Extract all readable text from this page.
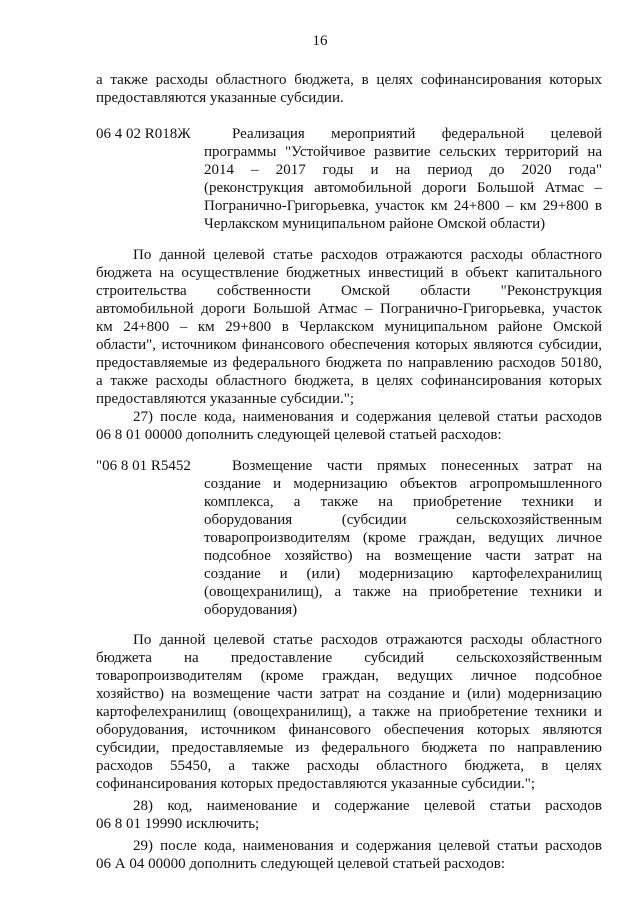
16
а также расходы областного бюджета, в целях софинансирования которых
предоставляются указанные субсидии.
06 4 02 R018Ж	Реализация мероприятий федеральной целевой
программы "Устойчивое развитие сельских территорий на
2014 – 2017 годы и на период до 2020 года"
(реконструкция автомобильной дороги Большой Атмас –
Погранично-Григорьевка, участок км 24+800 – км 29+800 в
Черлакском муниципальном районе Омской области)
По данной целевой статье расходов отражаются расходы областного
бюджета на осуществление бюджетных инвестиций в объект капитального
строительства собственности Омской области "Реконструкция
автомобильной дороги Большой Атмас – Погранично-Григорьевка, участок
км 24+800 – км 29+800 в Черлакском муниципальном районе Омской
области", источником финансового обеспечения которых являются субсидии,
предоставляемые из федерального бюджета по направлению расходов 50180,
а также расходы областного бюджета, в целях софинансирования которых
предоставляются указанные субсидии.";
27) после кода, наименования и содержания целевой статьи расходов
06 8 01 00000 дополнить следующей целевой статьей расходов:
"06 8 01 R5452	Возмещение части прямых понесенных затрат на
создание и модернизацию объектов агропромышленного
комплекса, а также на приобретение техники и
оборудования (субсидии сельскохозяйственным
товаропроизводителям (кроме граждан, ведущих личное
подсобное хозяйство) на возмещение части затрат на
создание и (или) модернизацию картофелехранилищ
(овощехранилищ), а также на приобретение техники и
оборудования)
По данной целевой статье расходов отражаются расходы областного
бюджета на предоставление субсидий сельскохозяйственным
товаропроизводителям (кроме граждан, ведущих личное подсобное
хозяйство) на возмещение части затрат на создание и (или) модернизацию
картофелехранилищ (овощехранилищ), а также на приобретение техники и
оборудования, источником финансового обеспечения которых являются
субсидии, предоставляемые из федерального бюджета по направлению
расходов 55450, а также расходы областного бюджета, в целях
софинансирования которых предоставляются указанные субсидии.";
28) код, наименование и содержание целевой статьи расходов
06 8 01 19990 исключить;
29) после кода, наименования и содержания целевой статьи расходов
06 А 04 00000 дополнить следующей целевой статьей расходов:
